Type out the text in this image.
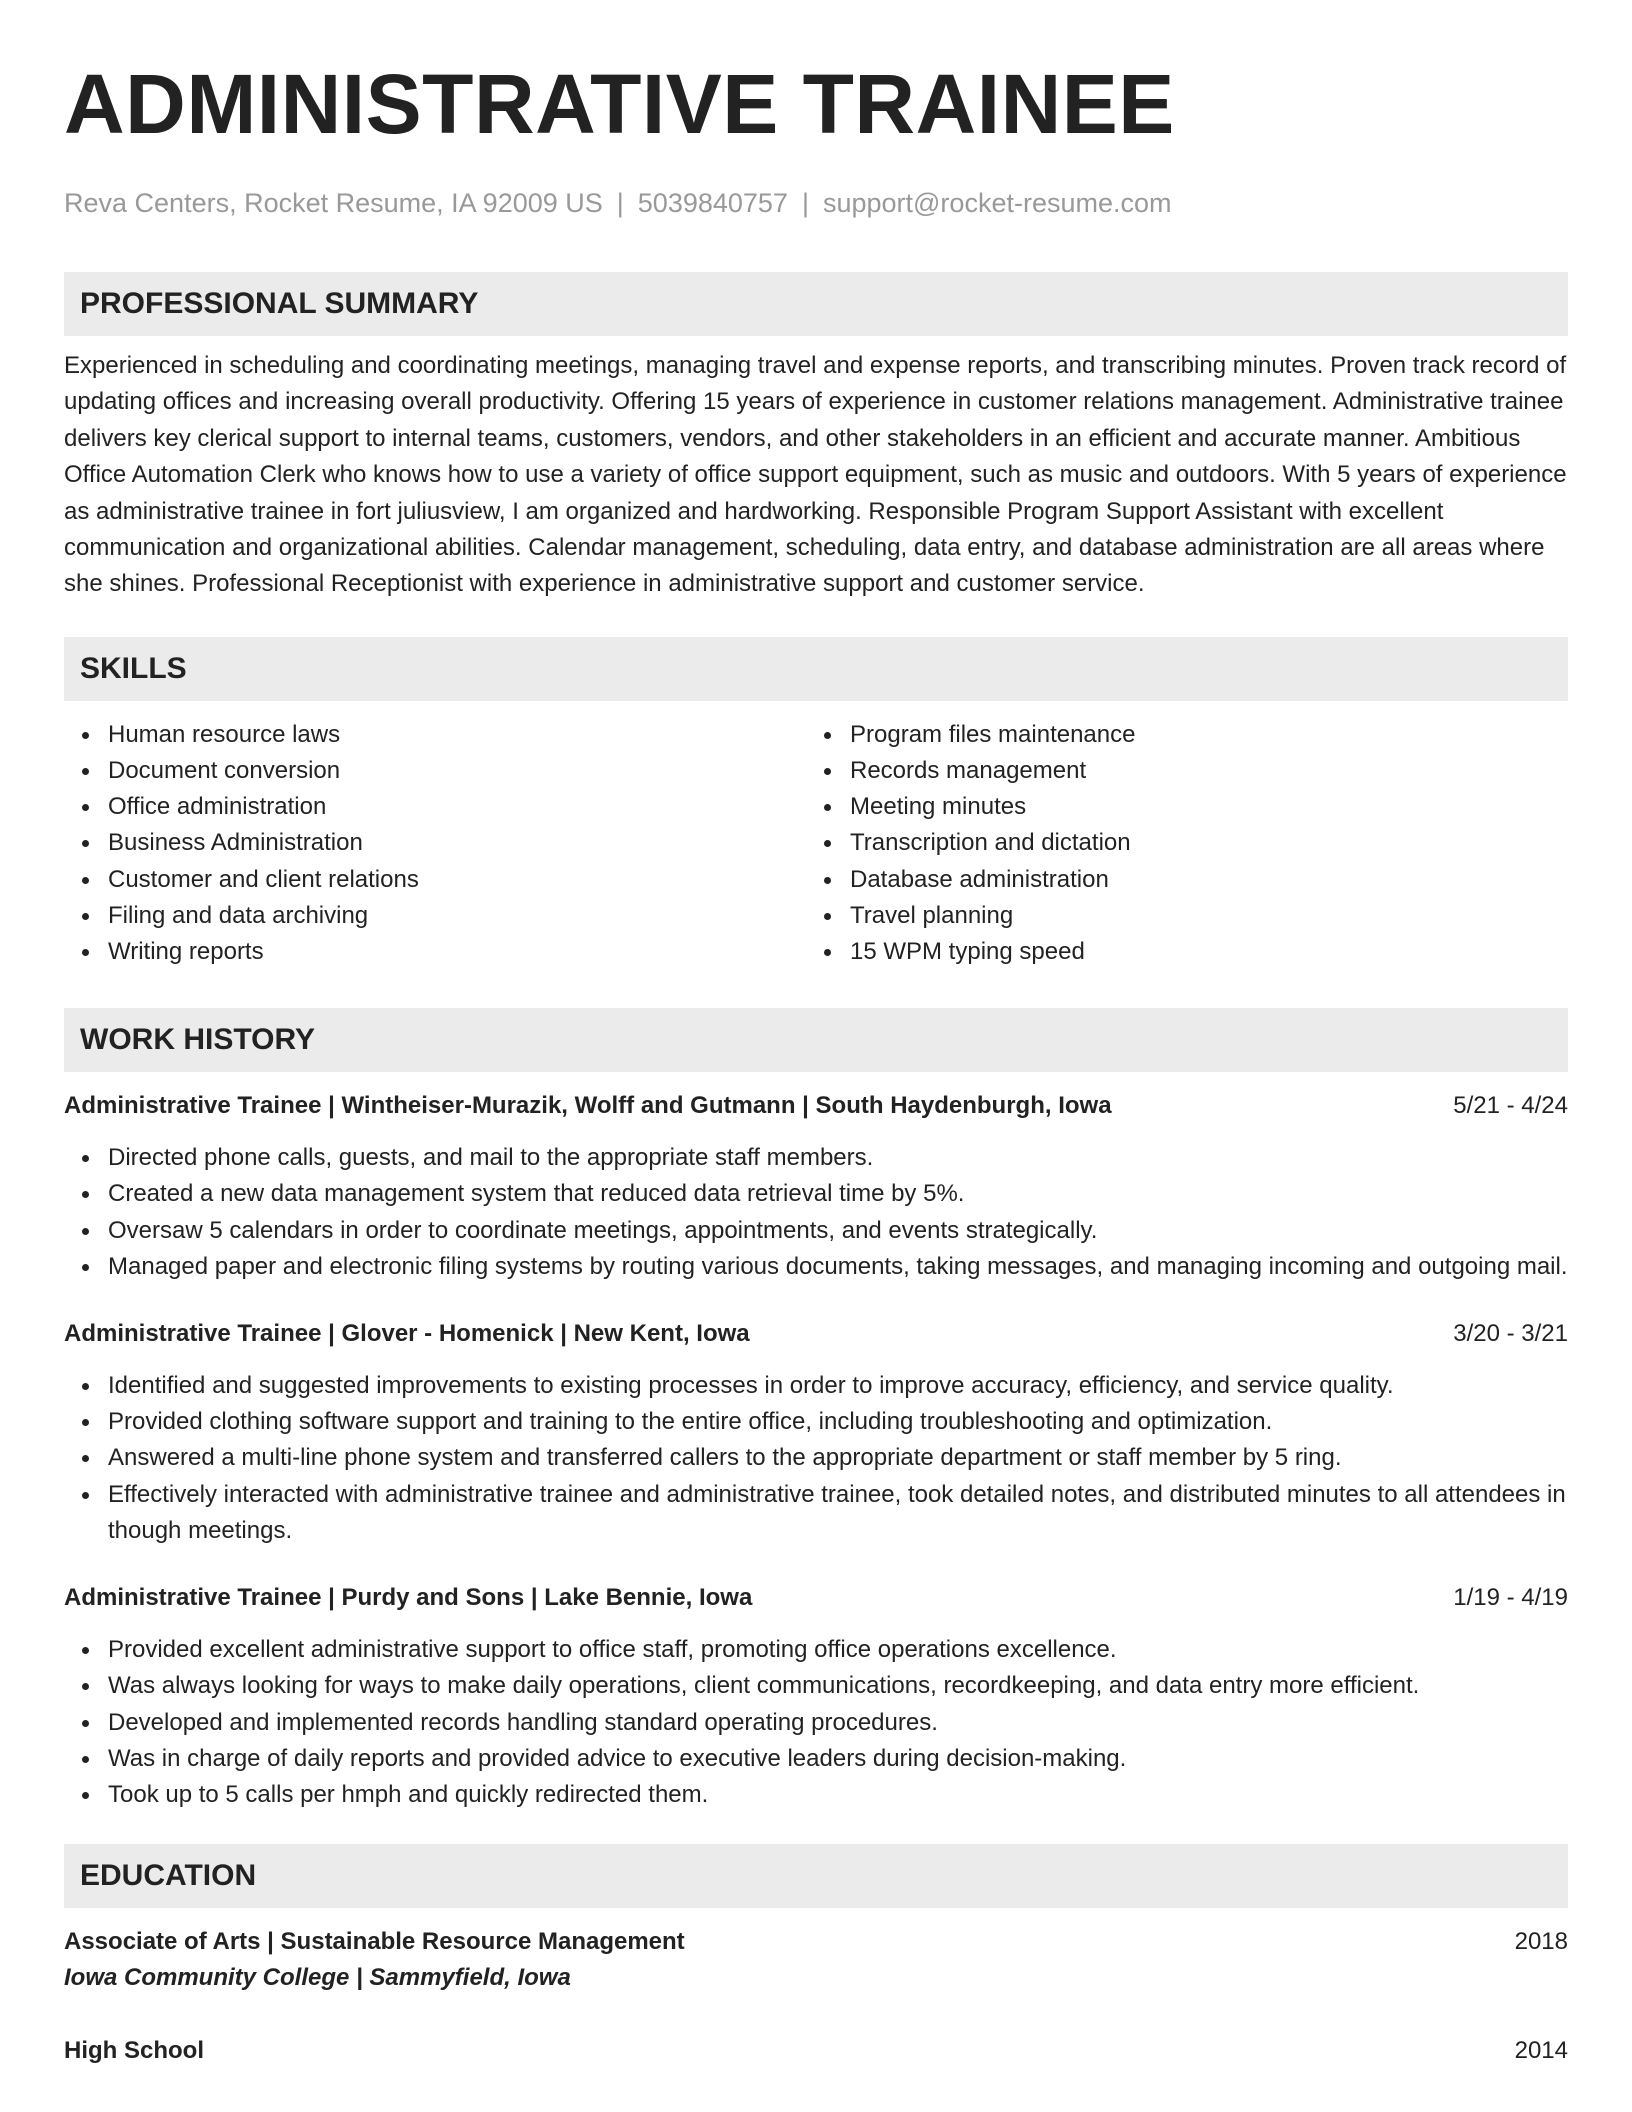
ADMINISTRATIVE TRAINEE
Reva Centers, Rocket Resume, IA 92009 US | 5039840757 | support@rocket-resume.com
PROFESSIONAL SUMMARY

Experienced in scheduling and coordinating meetings, managing travel and expense reports, and transcribing minutes. Proven track record of updating offices and increasing overall productivity. Offering 15 years of experience in customer relations management. Administrative trainee delivers key clerical support to internal teams, customers, vendors, and other stakeholders in an efficient and accurate manner. Ambitious Office Automation Clerk who knows how to use a variety of office support equipment, such as music and outdoors. With 5 years of experience as administrative trainee in fort juliusview, I am organized and hardworking. Responsible Program Support Assistant with excellent communication and organizational abilities. Calendar management, scheduling, data entry, and database administration are all areas where she shines. Professional Receptionist with experience in administrative support and customer service.

SKILLS
Human resource laws
Document conversion
Office administration
Business Administration
Customer and client relations
Filing and data archiving
Writing reports
Program files maintenance
Records management
Meeting minutes
Transcription and dictation
Database administration
Travel planning
15 WPM typing speed
WORK HISTORY
Administrative Trainee | Wintheiser-Murazik, Wolff and Gutmann | South Haydenburgh, Iowa	5/21 - 4/24
Directed phone calls, guests, and mail to the appropriate staff members.
Created a new data management system that reduced data retrieval time by 5%.
Oversaw 5 calendars in order to coordinate meetings, appointments, and events strategically.
Managed paper and electronic filing systems by routing various documents, taking messages, and managing incoming and outgoing mail.
Administrative Trainee | Glover - Homenick | New Kent, Iowa	3/20 - 3/21
Identified and suggested improvements to existing processes in order to improve accuracy, efficiency, and service quality.
Provided clothing software support and training to the entire office, including troubleshooting and optimization.
Answered a multi-line phone system and transferred callers to the appropriate department or staff member by 5 ring.
Effectively interacted with administrative trainee and administrative trainee, took detailed notes, and distributed minutes to all attendees in though meetings.
Administrative Trainee | Purdy and Sons | Lake Bennie, Iowa	1/19 - 4/19
Provided excellent administrative support to office staff, promoting office operations excellence.
Was always looking for ways to make daily operations, client communications, recordkeeping, and data entry more efficient.
Developed and implemented records handling standard operating procedures.
Was in charge of daily reports and provided advice to executive leaders during decision-making.
Took up to 5 calls per hmph and quickly redirected them.
EDUCATION
Associate of Arts | Sustainable Resource Management	2018
Iowa Community College | Sammyfield, Iowa
High School	2014
